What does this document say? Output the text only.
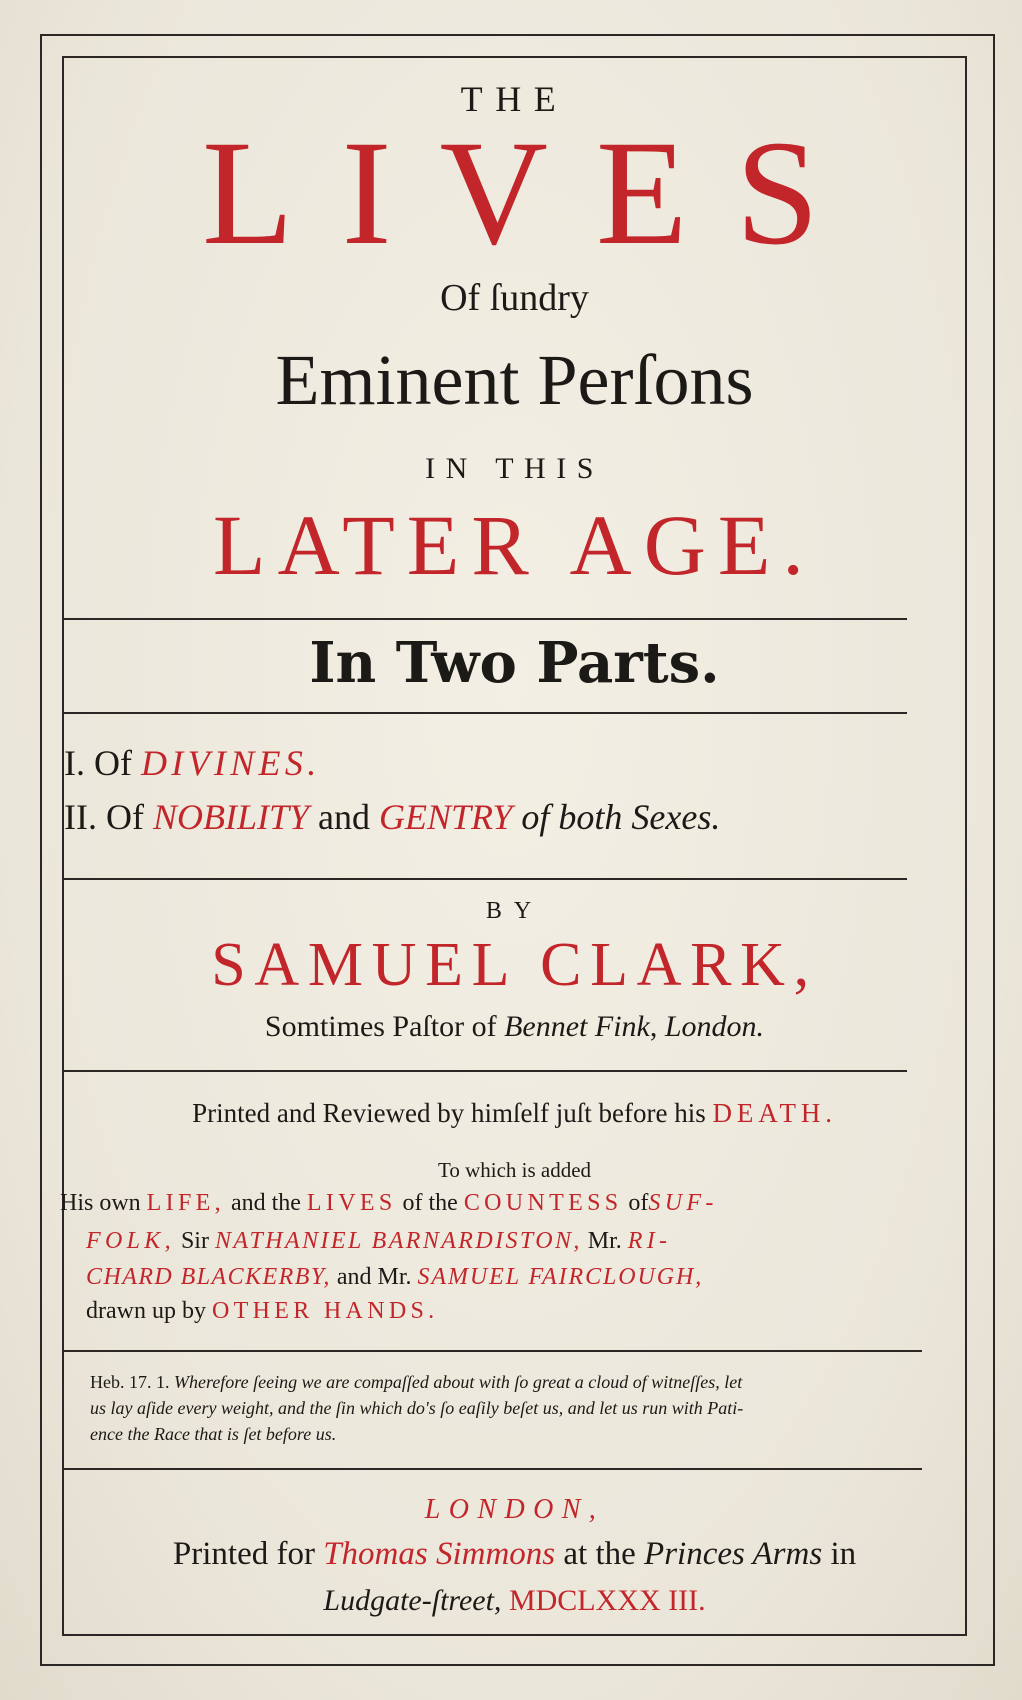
THE
LIVES
Of ſundry
Eminent Perſons
IN THIS
LATER AGE.
In Two Parts.
I. Of DIVINES.
II. Of NOBILITY and GENTRY of both Sexes.
BY
SAMUEL CLARK,
Somtimes Paſtor of Bennet Fink, London.
Printed and Reviewed by himſelf juſt before his DEATH.
To which is added
His own LIFE, and the LIVES of the COUNTESS ofSUF-
FOLK, Sir NATHANIEL BARNARDISTON, Mr. RI-
CHARD BLACKERBY, and Mr. SAMUEL FAIRCLOUGH,
drawn up by OTHER HANDS.
Heb. 17. 1. Wherefore ſeeing we are compaſſed about with ſo great a cloud of witneſſes, let
us lay aſide every weight, and the ſin which do's ſo eaſily beſet us, and let us run with Pati-
ence the Race that is ſet before us.
LONDON,
Printed for Thomas Simmons at the Princes Arms in
Ludgate-ſtreet, MDCLXXX III.
